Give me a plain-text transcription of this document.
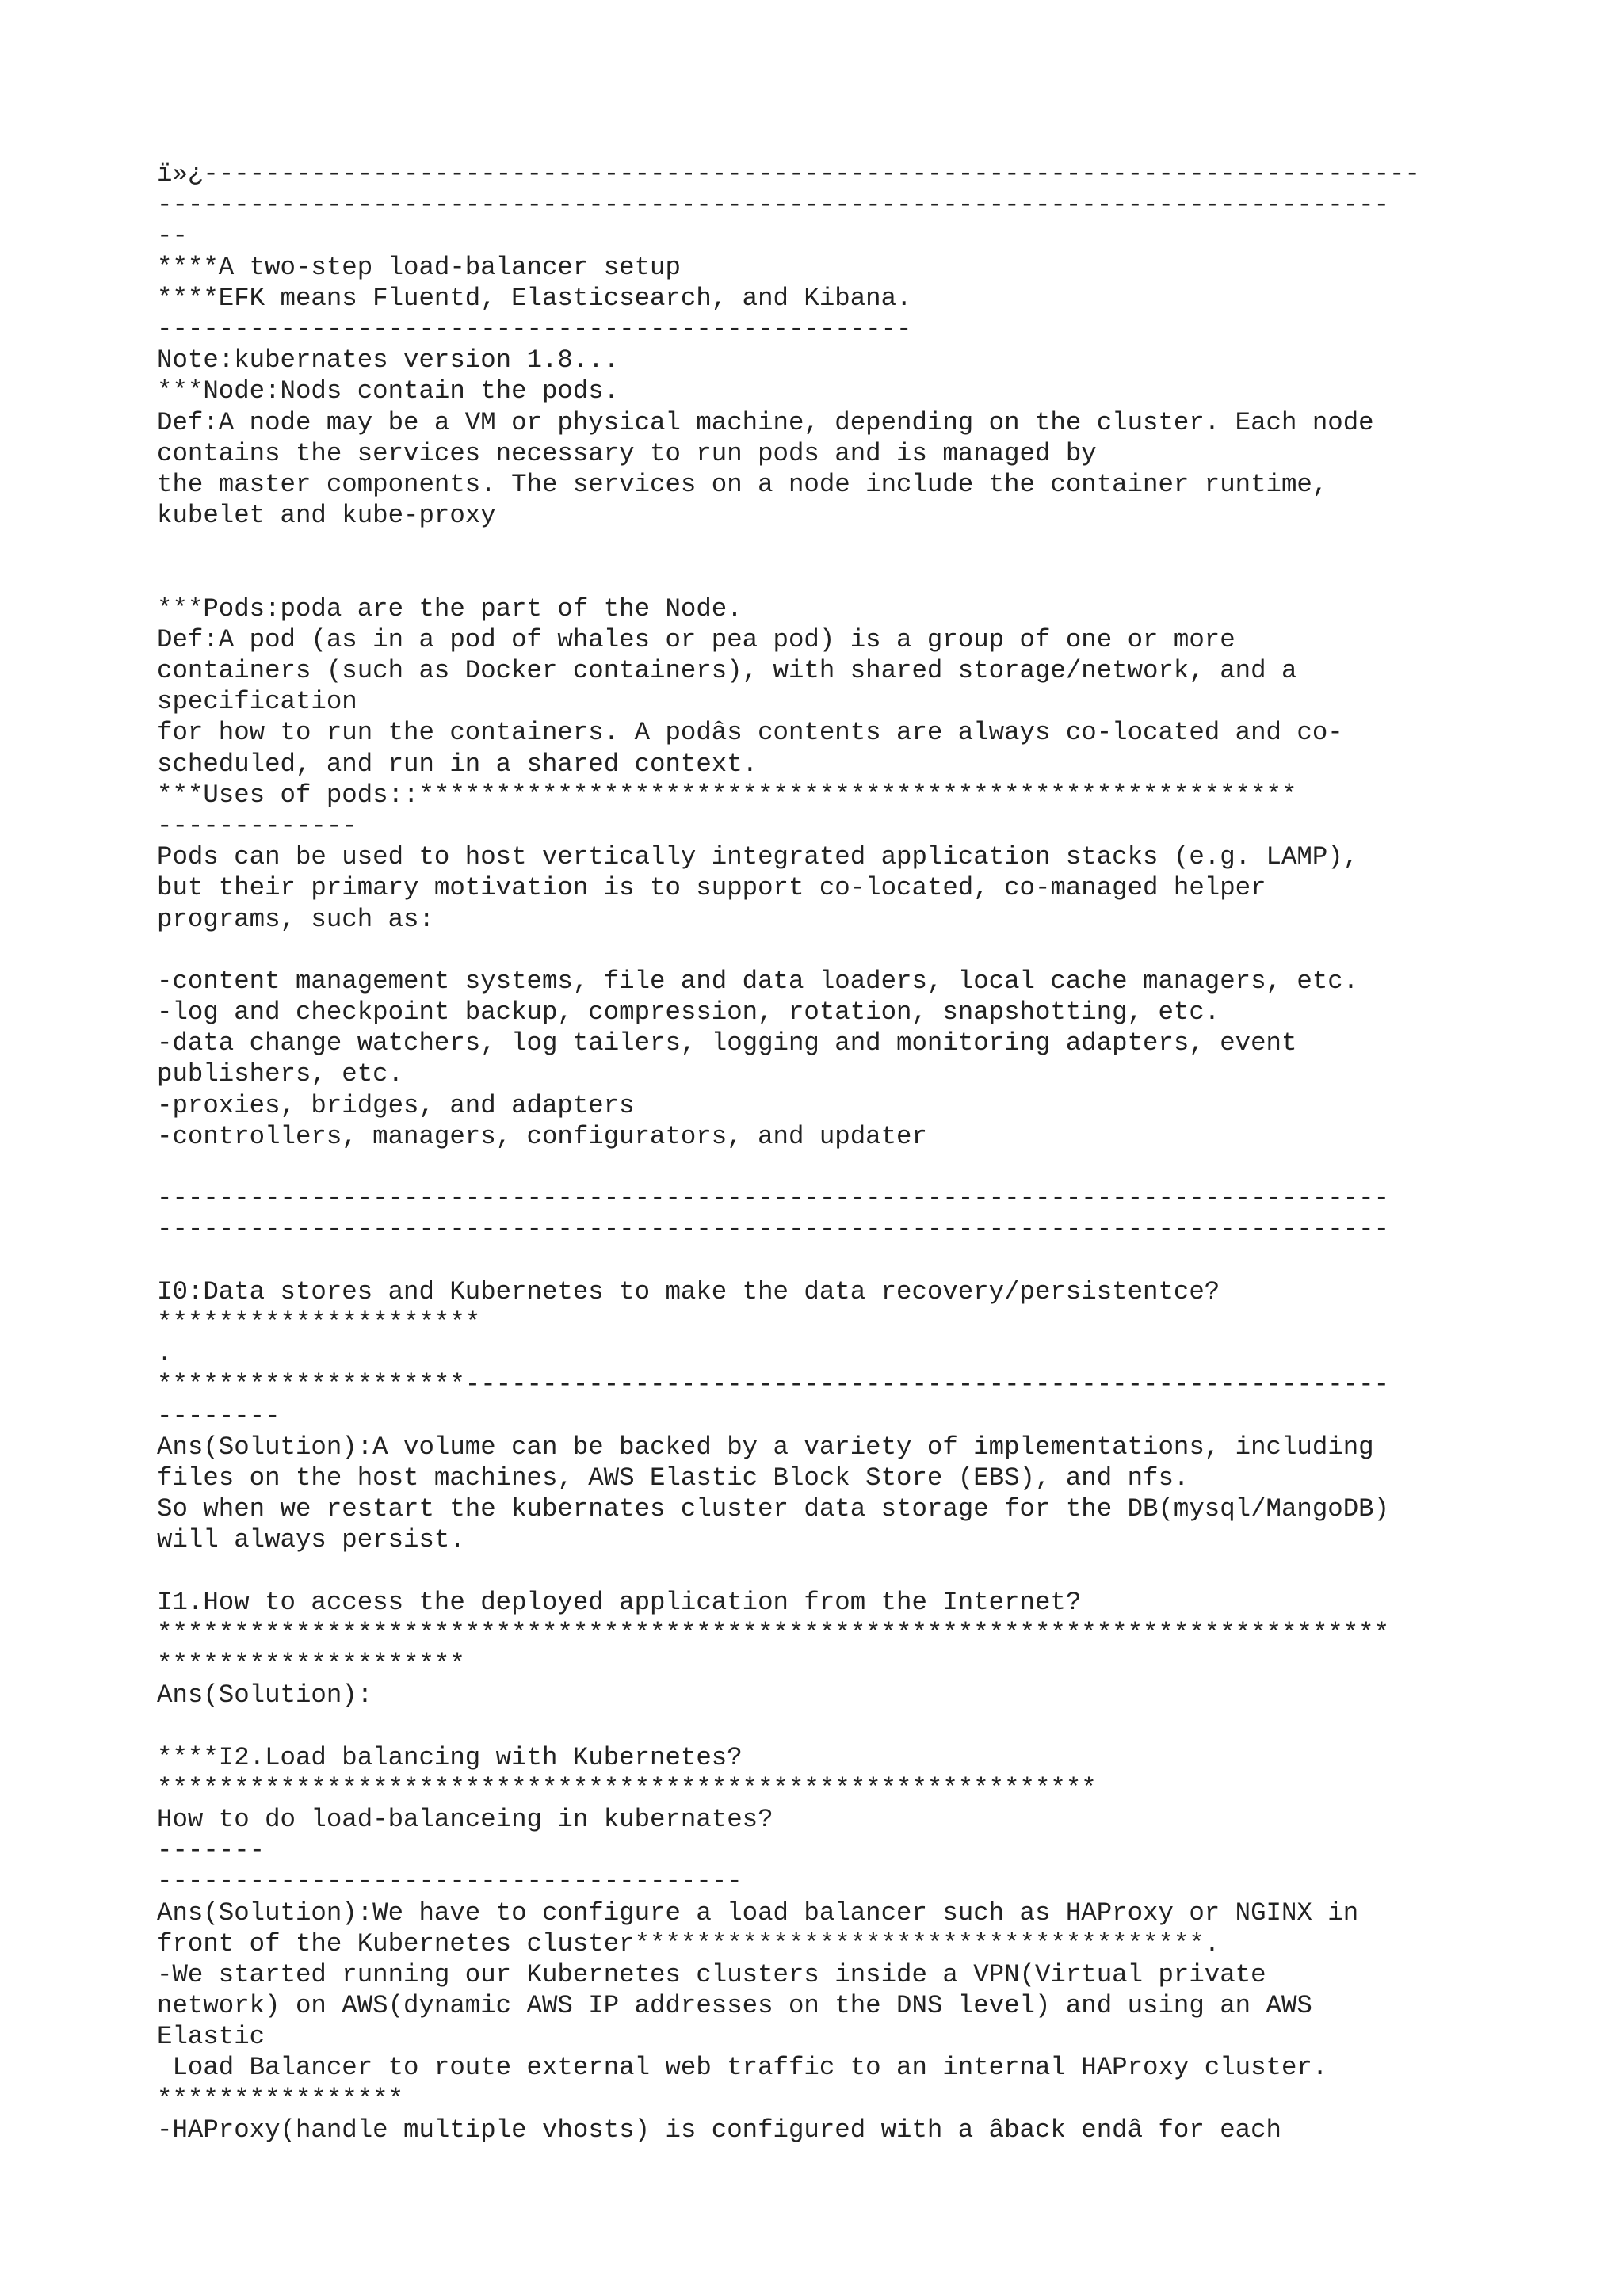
ï»¿-------------------------------------------------------------------------------
--------------------------------------------------------------------------------
--
****A two-step load-balancer setup
****EFK means Fluentd, Elasticsearch, and Kibana.
-------------------------------------------------
Note:kubernates version 1.8...
***Node:Nods contain the pods.
Def:A node may be a VM or physical machine, depending on the cluster. Each node
contains the services necessary to run pods and is managed by
the master components. The services on a node include the container runtime,
kubelet and kube-proxy
***Pods:poda are the part of the Node.
Def:A pod (as in a pod of whales or pea pod) is a group of one or more
containers (such as Docker containers), with shared storage/network, and a
specification
for how to run the containers. A podâs contents are always co-located and co-
scheduled, and run in a shared context.
***Uses of pods::*********************************************************
-------------
Pods can be used to host vertically integrated application stacks (e.g. LAMP),
but their primary motivation is to support co-located, co-managed helper
programs, such as:
-content management systems, file and data loaders, local cache managers, etc.
-log and checkpoint backup, compression, rotation, snapshotting, etc.
-data change watchers, log tailers, logging and monitoring adapters, event
publishers, etc.
-proxies, bridges, and adapters
-controllers, managers, configurators, and updater
--------------------------------------------------------------------------------
--------------------------------------------------------------------------------
I0:Data stores and Kubernetes to make the data recovery/persistentce?
*********************
.
********************------------------------------------------------------------
--------
Ans(Solution):A volume can be backed by a variety of implementations, including
files on the host machines, AWS Elastic Block Store (EBS), and nfs.
So when we restart the kubernates cluster data storage for the DB(mysql/MangoDB)
will always persist.
I1.How to access the deployed application from the Internet?
********************************************************************************
********************
Ans(Solution):
****I2.Load balancing with Kubernetes?
*************************************************************
How to do load-balanceing in kubernates?
-------
--------------------------------------
Ans(Solution):We have to configure a load balancer such as HAProxy or NGINX in
front of the Kubernetes cluster*************************************.
-We started running our Kubernetes clusters inside a VPN(Virtual private
network) on AWS(dynamic AWS IP addresses on the DNS level) and using an AWS
Elastic
Load Balancer to route external web traffic to an internal HAProxy cluster.
****************
-HAProxy(handle multiple vhosts) is configured with a âback endâ for each
